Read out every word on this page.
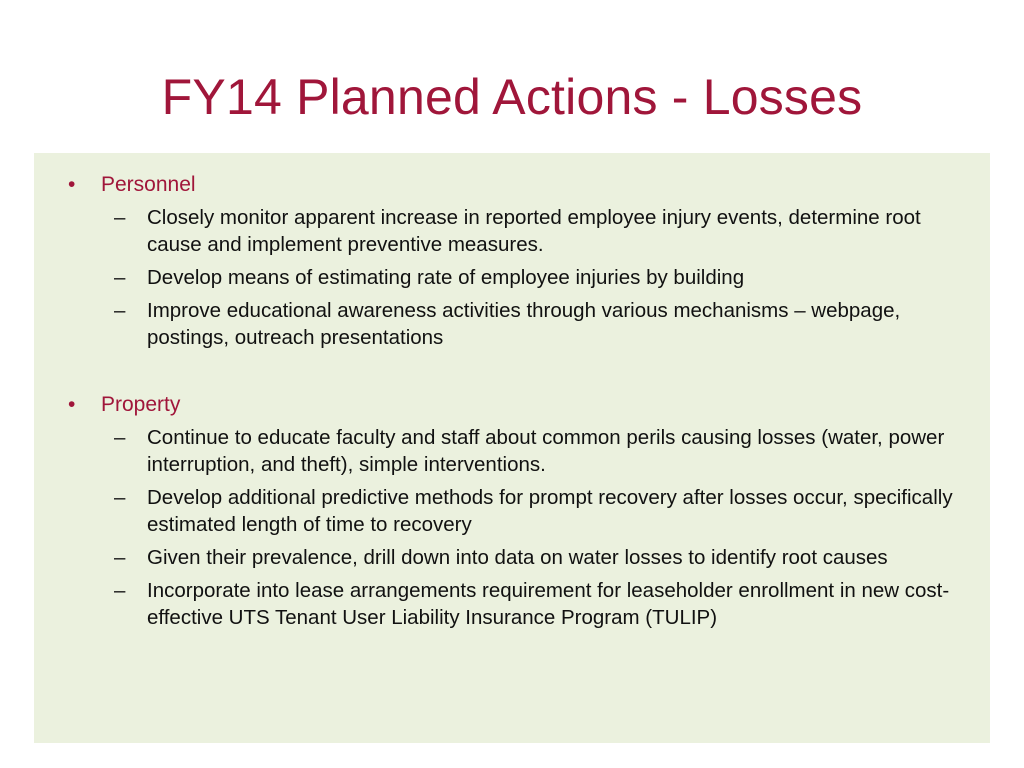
FY14 Planned Actions - Losses
• Personnel
– Closely monitor apparent increase in reported employee injury events, determine root cause and implement preventive measures.
– Develop means of estimating rate of employee injuries by building
– Improve educational awareness activities through various mechanisms – webpage, postings, outreach presentations
• Property
– Continue to educate faculty and staff about common perils causing losses (water, power interruption, and theft), simple interventions.
– Develop additional predictive methods for prompt recovery after losses occur, specifically estimated length of time to recovery
– Given their prevalence, drill down into data on water losses to identify root causes
– Incorporate into lease arrangements requirement for leaseholder enrollment in new cost-effective UTS Tenant User Liability Insurance Program (TULIP)
